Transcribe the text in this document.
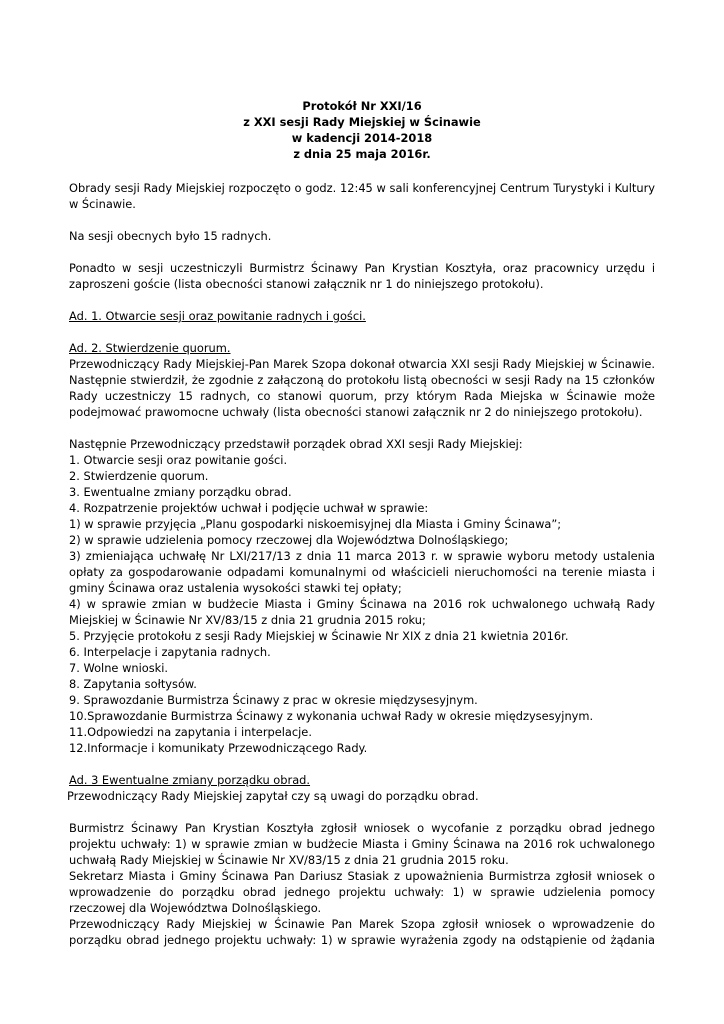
Protokół Nr XXI/16
z XXI sesji Rady Miejskiej w Ścinawie
w kadencji 2014-2018
z dnia 25 maja 2016r.

Obrady sesji Rady Miejskiej rozpoczęto o godz. 12:45 w sali konferencyjnej Centrum Turystyki i Kultury w Ścinawie.

Na sesji obecnych było 15 radnych.

Ponadto w sesji uczestniczyli Burmistrz Ścinawy Pan Krystian Kosztyła, oraz pracownicy urzędu i zaproszeni goście (lista obecności stanowi załącznik nr 1 do niniejszego protokołu).

Ad. 1. Otwarcie sesji oraz powitanie radnych i gości.

Ad. 2. Stwierdzenie quorum.

Przewodniczący Rady Miejskiej-Pan Marek Szopa dokonał otwarcia XXI sesji Rady Miejskiej w Ścinawie. Następnie stwierdził, że zgodnie z załączoną do protokołu listą obecności w sesji Rady na 15 członków Rady uczestniczy 15 radnych, co stanowi quorum, przy którym Rada Miejska w Ścinawie może podejmować prawomocne uchwały (lista obecności stanowi załącznik nr 2 do niniejszego protokołu).

Następnie Przewodniczący przedstawił porządek obrad XXI sesji Rady Miejskiej:

1. Otwarcie sesji oraz powitanie gości.
2. Stwierdzenie quorum.
3. Ewentualne zmiany porządku obrad.
4. Rozpatrzenie projektów uchwał i podjęcie uchwał w sprawie:
1) w sprawie przyjęcia „Planu gospodarki niskoemisyjnej dla Miasta i Gminy Ścinawa”;
2) w sprawie udzielenia pomocy rzeczowej dla Województwa Dolnośląskiego;
3) zmieniająca uchwałę Nr LXI/217/13 z dnia 11 marca 2013 r. w sprawie wyboru metody ustalenia opłaty za gospodarowanie odpadami komunalnymi od właścicieli nieruchomości na terenie miasta i gminy Ścinawa oraz ustalenia wysokości stawki tej opłaty;
4) w sprawie zmian w budżecie Miasta i Gminy Ścinawa na 2016 rok uchwalonego uchwałą Rady Miejskiej w Ścinawie Nr XV/83/15 z dnia 21 grudnia 2015 roku;
5. Przyjęcie protokołu z sesji Rady Miejskiej w Ścinawie Nr XIX z dnia 21 kwietnia 2016r.
6. Interpelacje i zapytania radnych.
7. Wolne wnioski.
8. Zapytania sołtysów.
9. Sprawozdanie Burmistrza Ścinawy z prac w okresie międzysesyjnym.
10.Sprawozdanie Burmistrza Ścinawy z wykonania uchwał Rady w okresie międzysesyjnym.
11.Odpowiedzi na zapytania i interpelacje.
12.Informacje i komunikaty Przewodniczącego Rady.

Ad. 3 Ewentualne zmiany porządku obrad.

Przewodniczący Rady Miejskiej zapytał czy są uwagi do porządku obrad.

Burmistrz Ścinawy Pan Krystian Kosztyła zgłosił wniosek o wycofanie z porządku obrad jednego projektu uchwały: 1) w sprawie zmian w budżecie Miasta i Gminy Ścinawa na 2016 rok uchwalonego uchwałą Rady Miejskiej w Ścinawie Nr XV/83/15 z dnia 21 grudnia 2015 roku.

Sekretarz Miasta i Gminy Ścinawa Pan Dariusz Stasiak z upoważnienia Burmistrza zgłosił wniosek o wprowadzenie do porządku obrad jednego projektu uchwały: 1) w sprawie udzielenia pomocy rzeczowej dla Województwa Dolnośląskiego.

Przewodniczący Rady Miejskiej w Ścinawie Pan Marek Szopa zgłosił wniosek o wprowadzenie do porządku obrad jednego projektu uchwały: 1) w sprawie wyrażenia zgody na odstąpienie od żądania
